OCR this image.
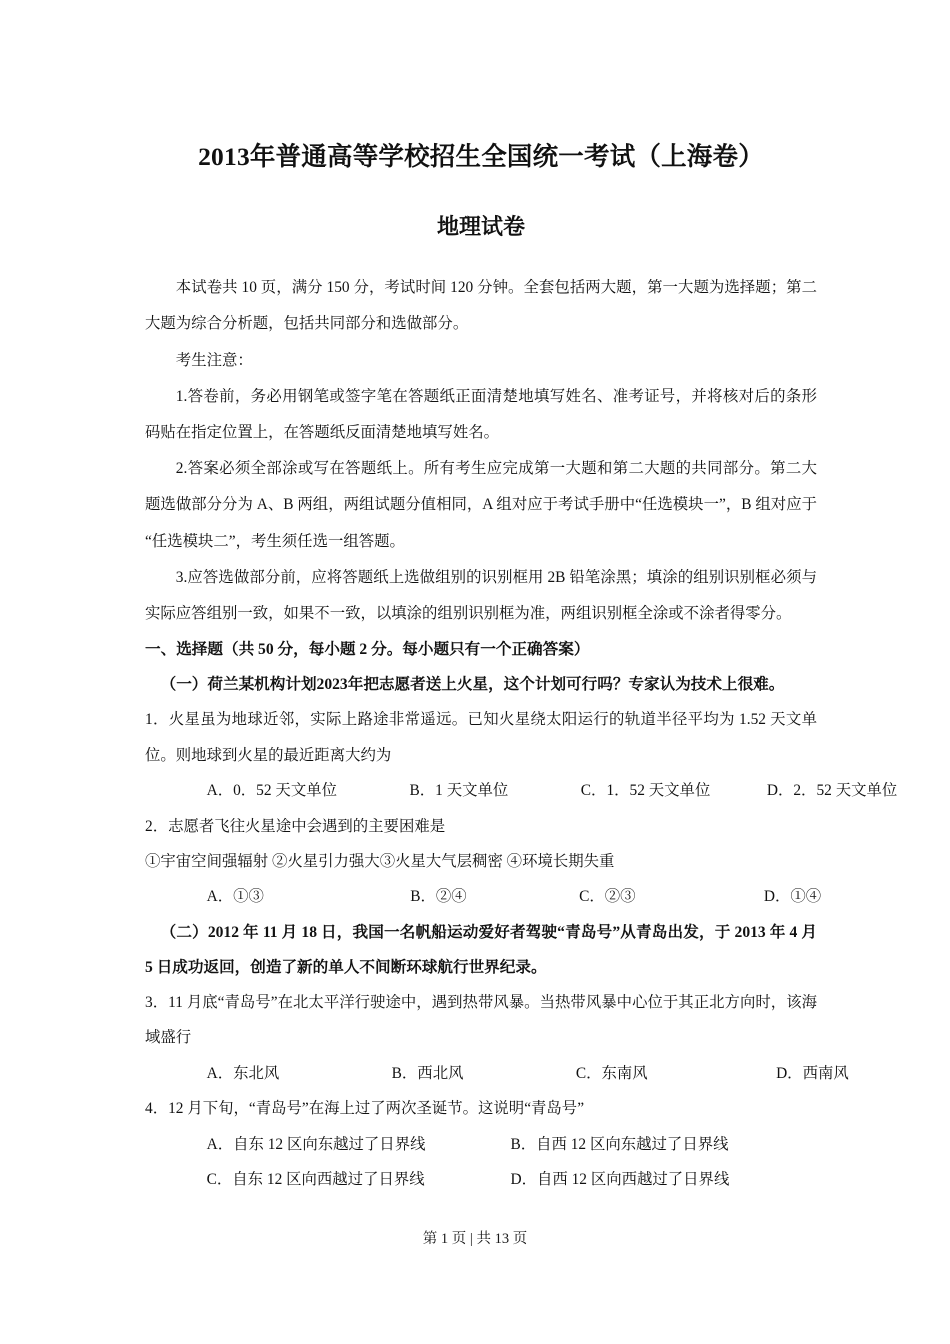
2013年普通高等学校招生全国统一考试（上海卷）
地理试卷

本试卷共 10 页，满分 150 分，考试时间 120 分钟。全套包括两大题，第一大题为选择题；第二大题为综合分析题，包括共同部分和选做部分。

考生注意：

1.答卷前，务必用钢笔或签字笔在答题纸正面清楚地填写姓名、准考证号，并将核对后的条形码贴在指定位置上，在答题纸反面清楚地填写姓名。

2.答案必须全部涂或写在答题纸上。所有考生应完成第一大题和第二大题的共同部分。第二大题选做部分分为 A、B 两组，两组试题分值相同，A 组对应于考试手册中“任选模块一”，B 组对应于“任选模块二”，考生须任选一组答题。

3.应答选做部分前，应将答题纸上选做组别的识别框用 2B 铅笔涂黑；填涂的组别识别框必须与实际应答组别一致，如果不一致，以填涂的组别识别框为准，两组识别框全涂或不涂者得零分。

一、选择题（共 50 分，每小题 2 分。每小题只有一个正确答案）

（一）荷兰某机构计划2023年把志愿者送上火星，这个计划可行吗？专家认为技术上很难。

1．火星虽为地球近邻，实际上路途非常遥远。已知火星绕太阳运行的轨道半径平均为 1.52 天文单位。则地球到火星的最近距离大约为

A．0．52 天文单位	B．1 天文单位	C．1．52 天文单位	D．2．52 天文单位

2．志愿者飞往火星途中会遇到的主要困难是

①宇宙空间强辐射 ②火星引力强大③火星大气层稠密 ④环境长期失重

A．①③	B．②④	C．②③	D．①④

（二）2012 年 11 月 18 日，我国一名帆船运动爱好者驾驶“青岛号”从青岛出发，于 2013 年 4 月 5 日成功返回，创造了新的单人不间断环球航行世界纪录。

3．11 月底“青岛号”在北太平洋行驶途中，遇到热带风暴。当热带风暴中心位于其正北方向时，该海域盛行

A．东北风	B．西北风	C．东南风	D．西南风

4．12 月下旬，“青岛号”在海上过了两次圣诞节。这说明“青岛号”

A．自东 12 区向东越过了日界线	B．自西 12 区向东越过了日界线

C．自东 12 区向西越过了日界线	D．自西 12 区向西越过了日界线

第 1 页 | 共 13 页
